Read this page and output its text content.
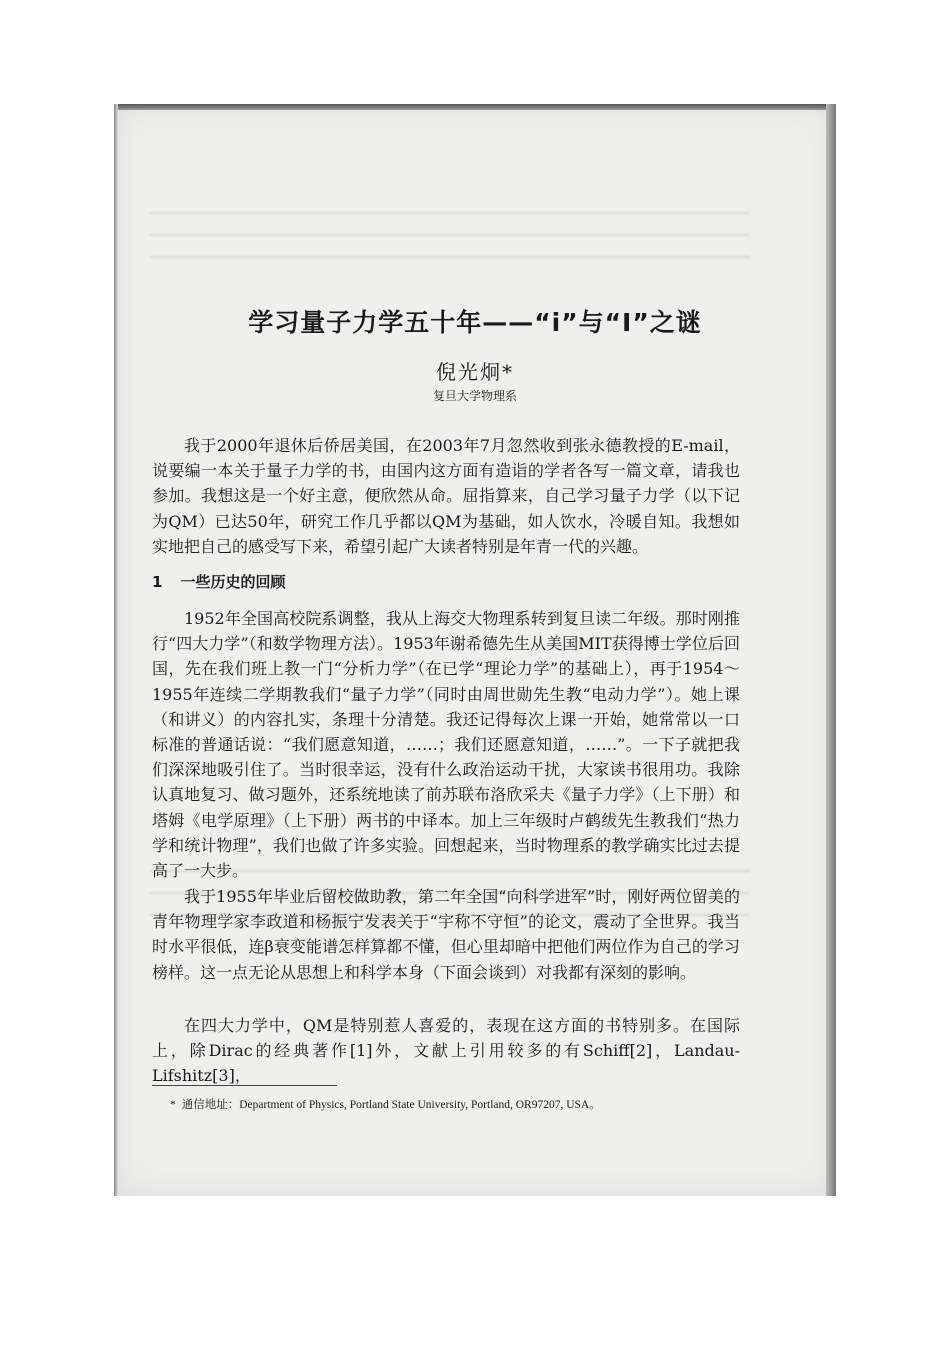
学习量子力学五十年——“i”与“I”之谜
倪光炯*
复旦大学物理系

我于2000年退休后侨居美国，在2003年7月忽然收到张永德教授的E-mail，说要编一本关于量子力学的书，由国内这方面有造诣的学者各写一篇文章，请我也参加。我想这是一个好主意，便欣然从命。屈指算来，自己学习量子力学（以下记为QM）已达50年，研究工作几乎都以QM为基础，如人饮水，冷暖自知。我想如实地把自己的感受写下来，希望引起广大读者特别是年青一代的兴趣。

1 一些历史的回顾

1952年全国高校院系调整，我从上海交大物理系转到复旦读二年级。那时刚推行“四大力学”（和数学物理方法）。1953年谢希德先生从美国MIT获得博士学位后回国，先在我们班上教一门“分析力学”（在已学“理论力学”的基础上），再于1954～1955年连续二学期教我们“量子力学”（同时由周世勋先生教“电动力学”）。她上课（和讲义）的内容扎实，条理十分清楚。我还记得每次上课一开始，她常常以一口标准的普通话说：“我们愿意知道，……；我们还愿意知道，……”。一下子就把我们深深地吸引住了。当时很幸运，没有什么政治运动干扰，大家读书很用功。我除认真地复习、做习题外，还系统地读了前苏联布洛欣采夫《量子力学》（上下册）和塔姆《电学原理》（上下册）两书的中译本。加上三年级时卢鹤绂先生教我们“热力学和统计物理”，我们也做了许多实验。回想起来，当时物理系的教学确实比过去提高了一大步。

我于1955年毕业后留校做助教，第二年全国“向科学进军”时，刚好两位留美的青年物理学家李政道和杨振宁发表关于“宇称不守恒”的论文，震动了全世界。我当时水平很低，连β衰变能谱怎样算都不懂，但心里却暗中把他们两位作为自己的学习榜样。这一点无论从思想上和科学本身（下面会谈到）对我都有深刻的影响。

在四大力学中，QM是特别惹人喜爱的，表现在这方面的书特别多。在国际上，除Dirac的经典著作[1]外，文献上引用较多的有Schiff[2]，Landau-Lifshitz[3]，

* 通信地址：Department of Physics, Portland State University, Portland, OR97207, USA。
